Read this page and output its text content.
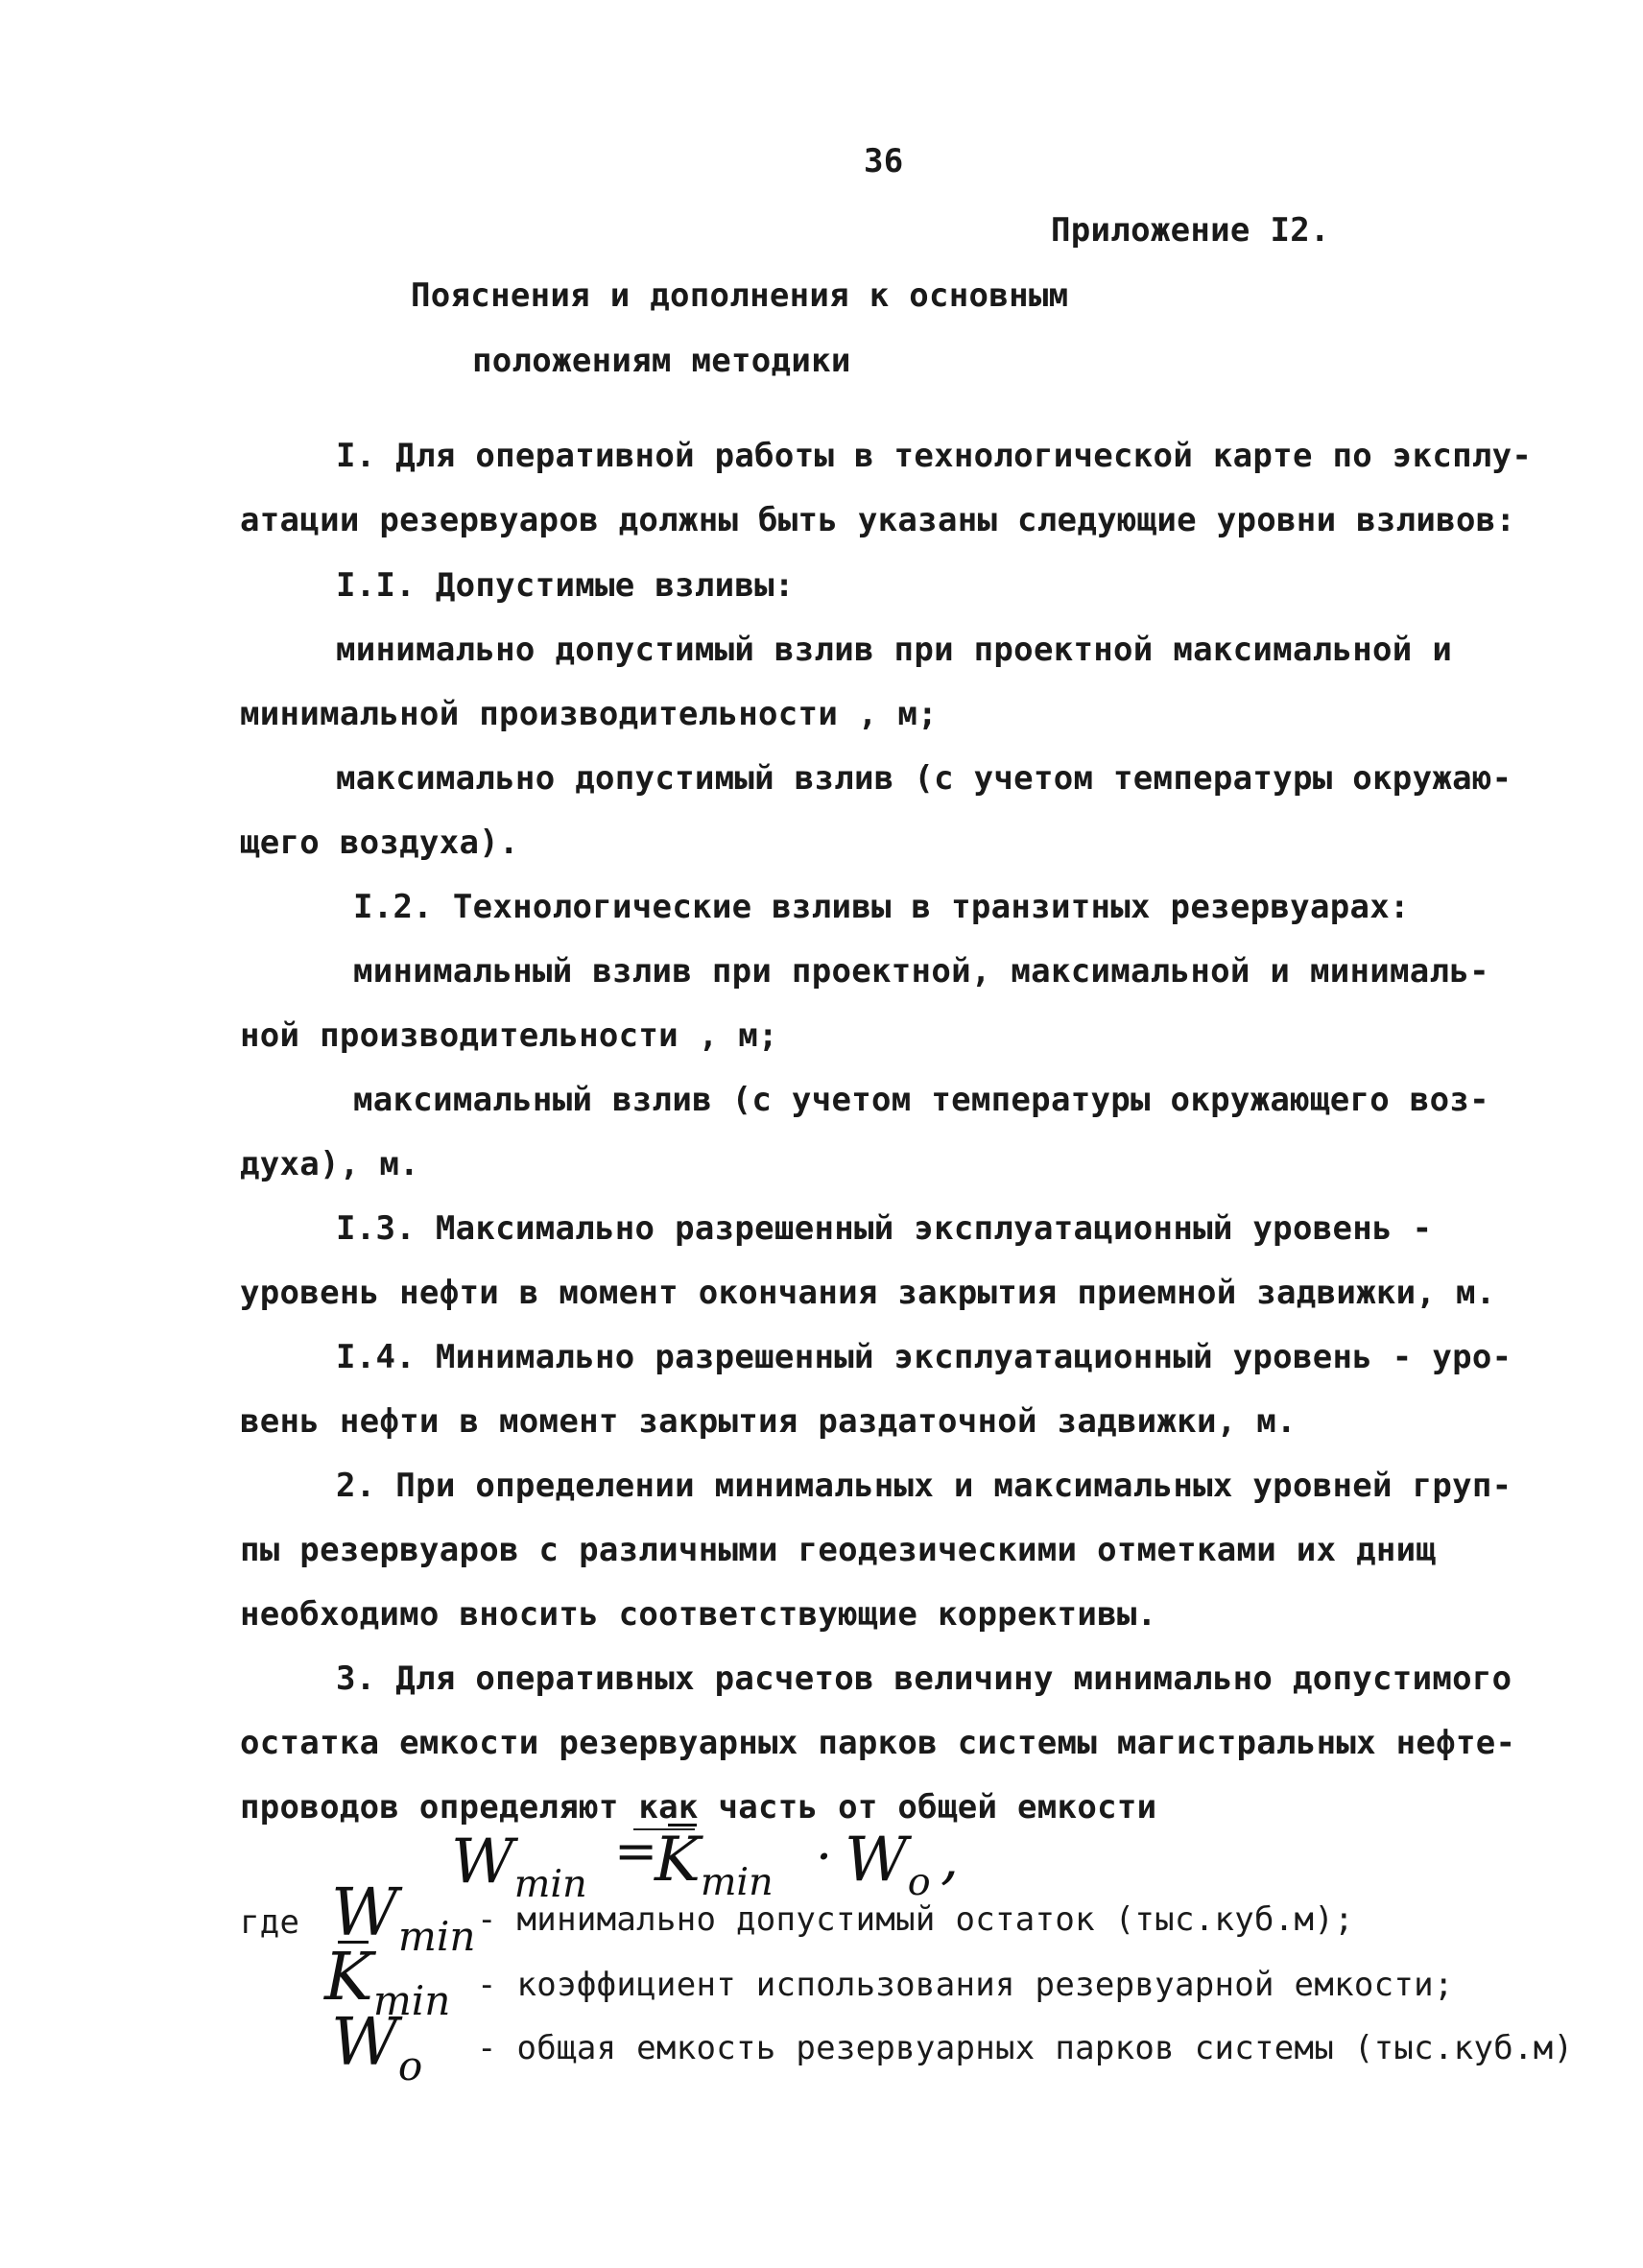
36
Приложение I2.
Пояснения и дополнения к основным
положениям методики
I. Для оперативной работы в технологической карте по эксплу-
атации резервуаров должны быть указаны следующие уровни взливов:
I.I. Допустимые взливы:
минимально допустимый взлив при проектной максимальной и
минимальной производительности , м;
максимально допустимый взлив (с учетом температуры окружаю-
щего воздуха).
I.2. Технологические взливы в транзитных резервуарах:
минимальный взлив при проектной, максимальной и минималь-
ной производительности , м;
максимальный взлив (с учетом температуры окружающего воз-
духа), м.
I.3. Максимально разрешенный эксплуатационный уровень -
уровень нефти в момент окончания закрытия приемной задвижки, м.
I.4. Минимально разрешенный эксплуатационный уровень - уро-
вень нефти в момент закрытия раздаточной задвижки, м.
2. При определении минимальных и максимальных уровней груп-
пы резервуаров с различными геодезическими отметками их днищ
необходимо вносить соответствующие коррективы.
3. Для оперативных расчетов величину минимально допустимого
остатка емкости резервуарных парков системы магистральных нефте-
проводов определяют как часть от общей емкости
$W_{min}$
=
$K_{min} \cdot W_o$ ,
где $W_{min}$ - минимально допустимый остаток (тыс.куб.м);
$K_{min}$ - коэффициент использования резервуарной емкости;
$W_o$ - общая емкость резервуарных парков системы (тыс.куб.м)
